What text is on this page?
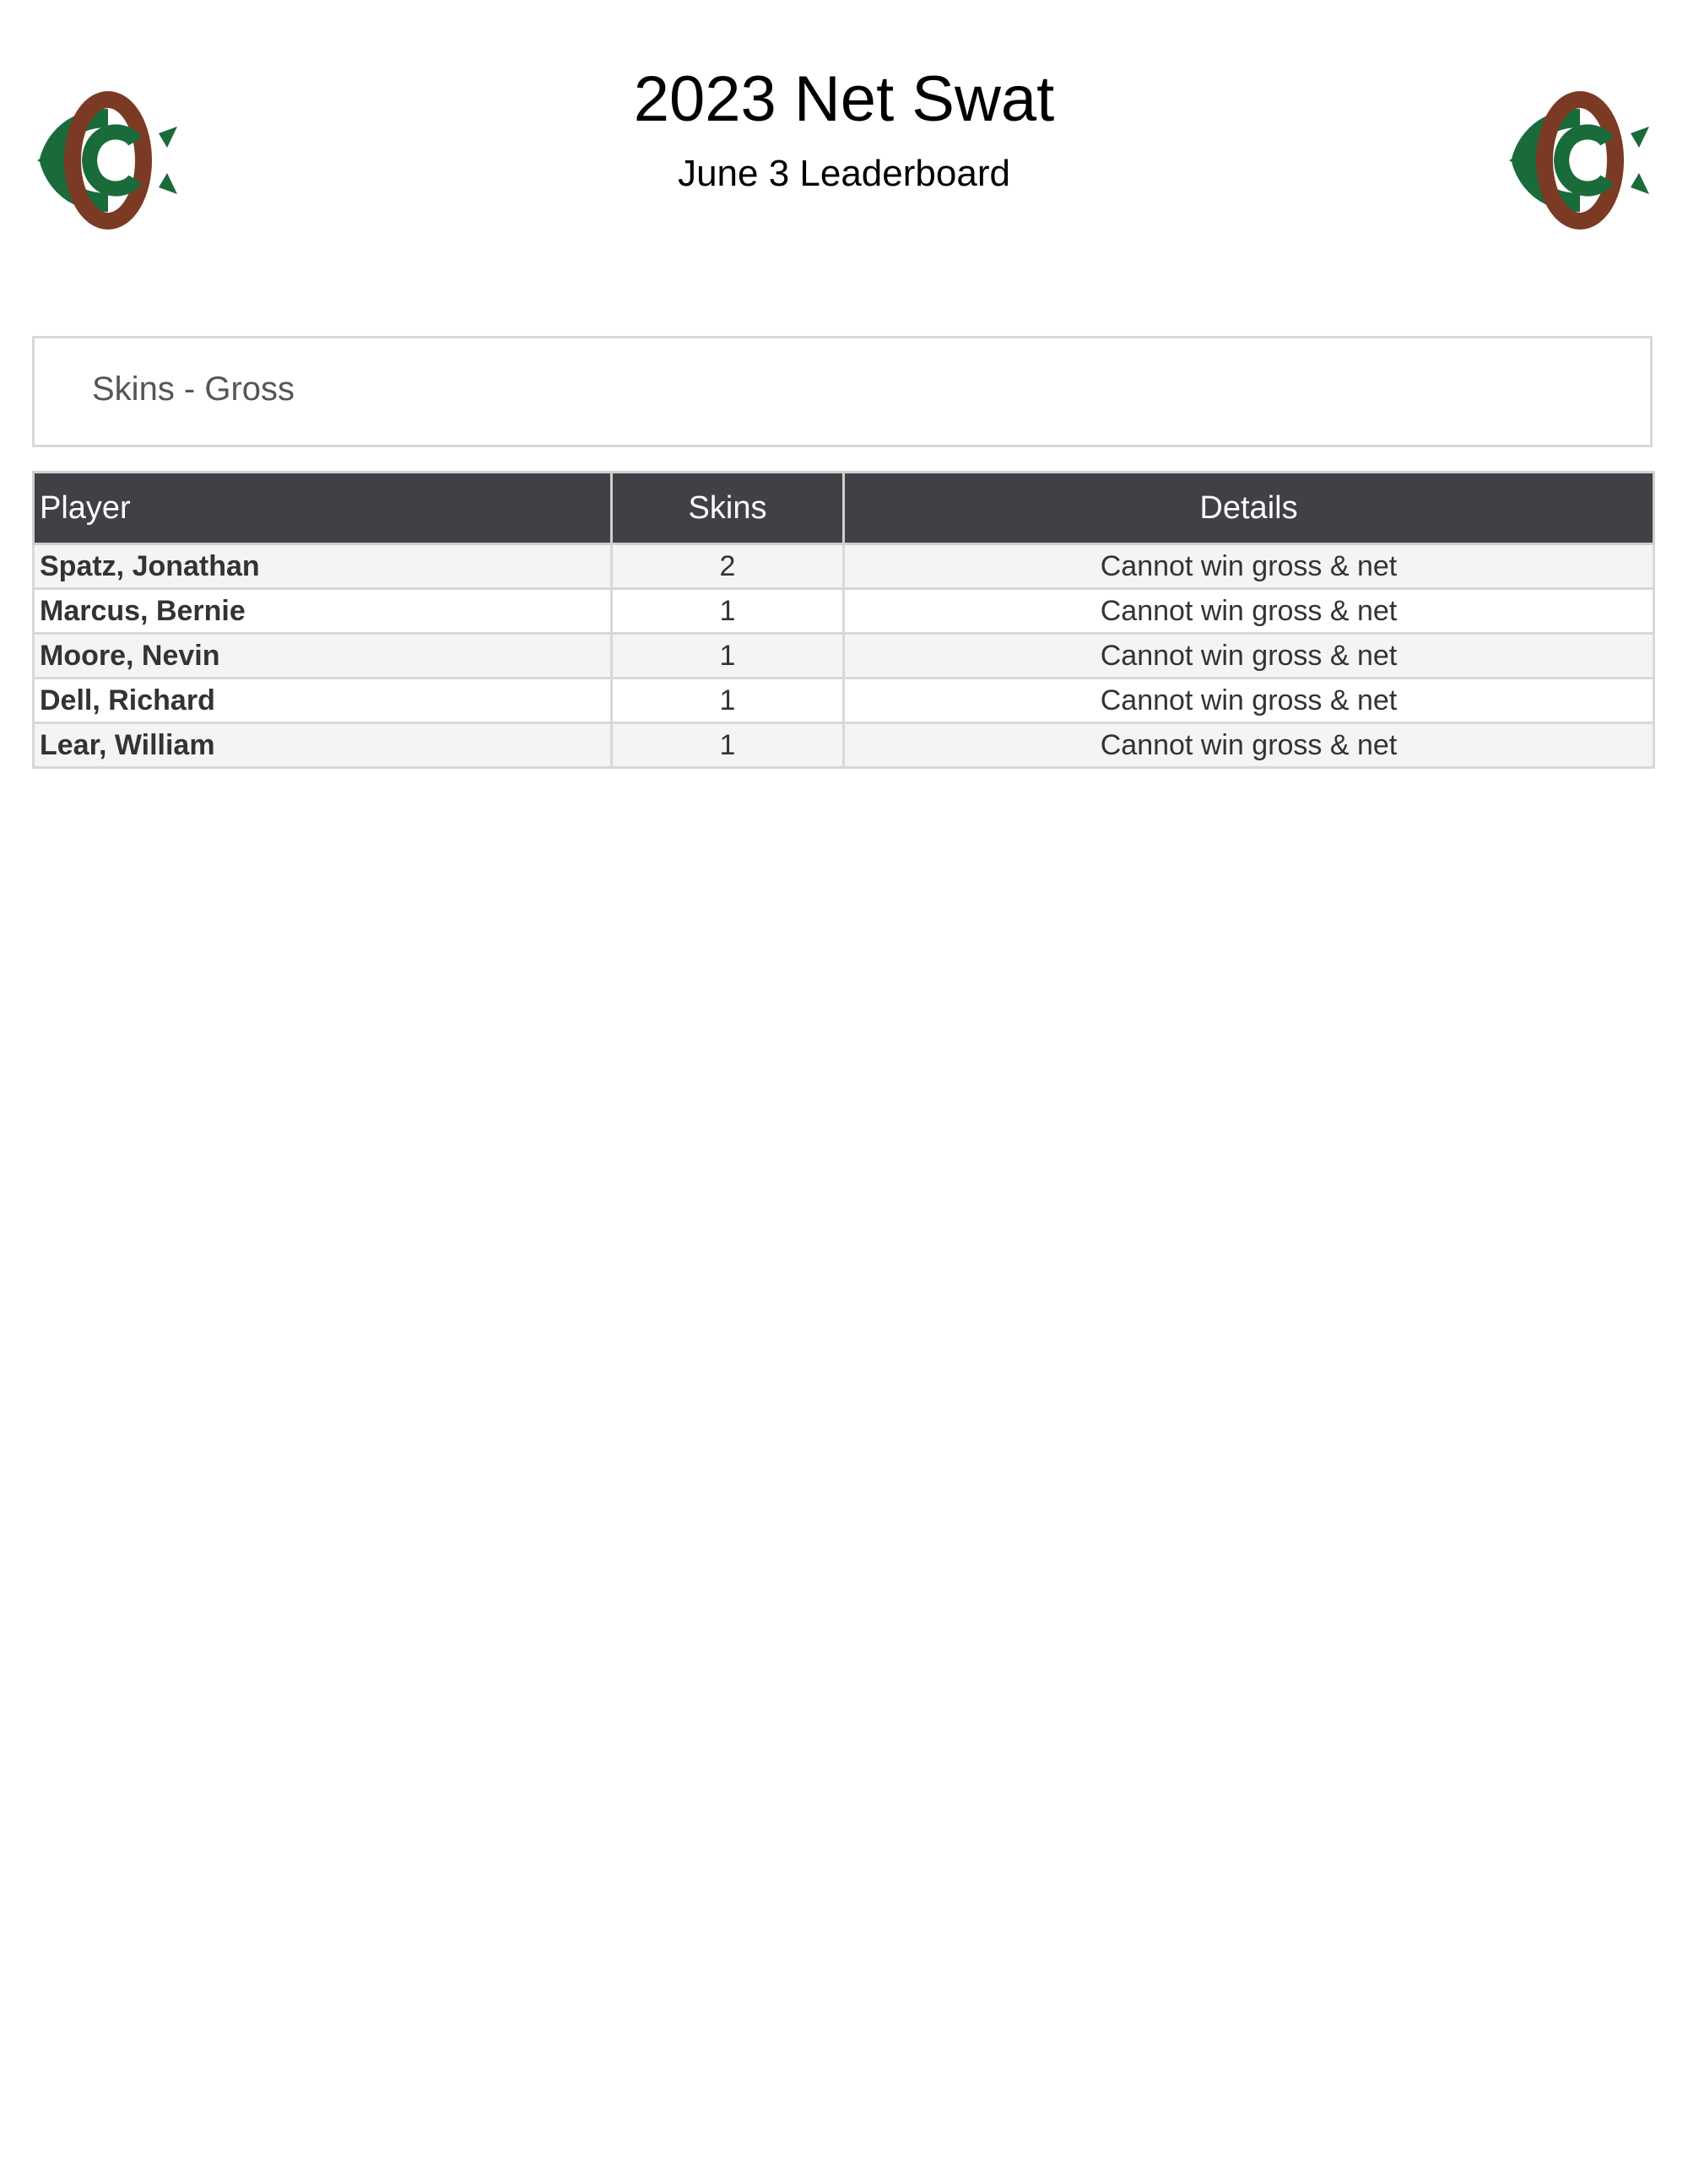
2023 Net Swat
June 3 Leaderboard
Skins - Gross
Player	Skins	Details
Spatz, Jonathan	2	Cannot win gross & net
Marcus, Bernie	1	Cannot win gross & net
Moore, Nevin	1	Cannot win gross & net
Dell, Richard	1	Cannot win gross & net
Lear, William	1	Cannot win gross & net
